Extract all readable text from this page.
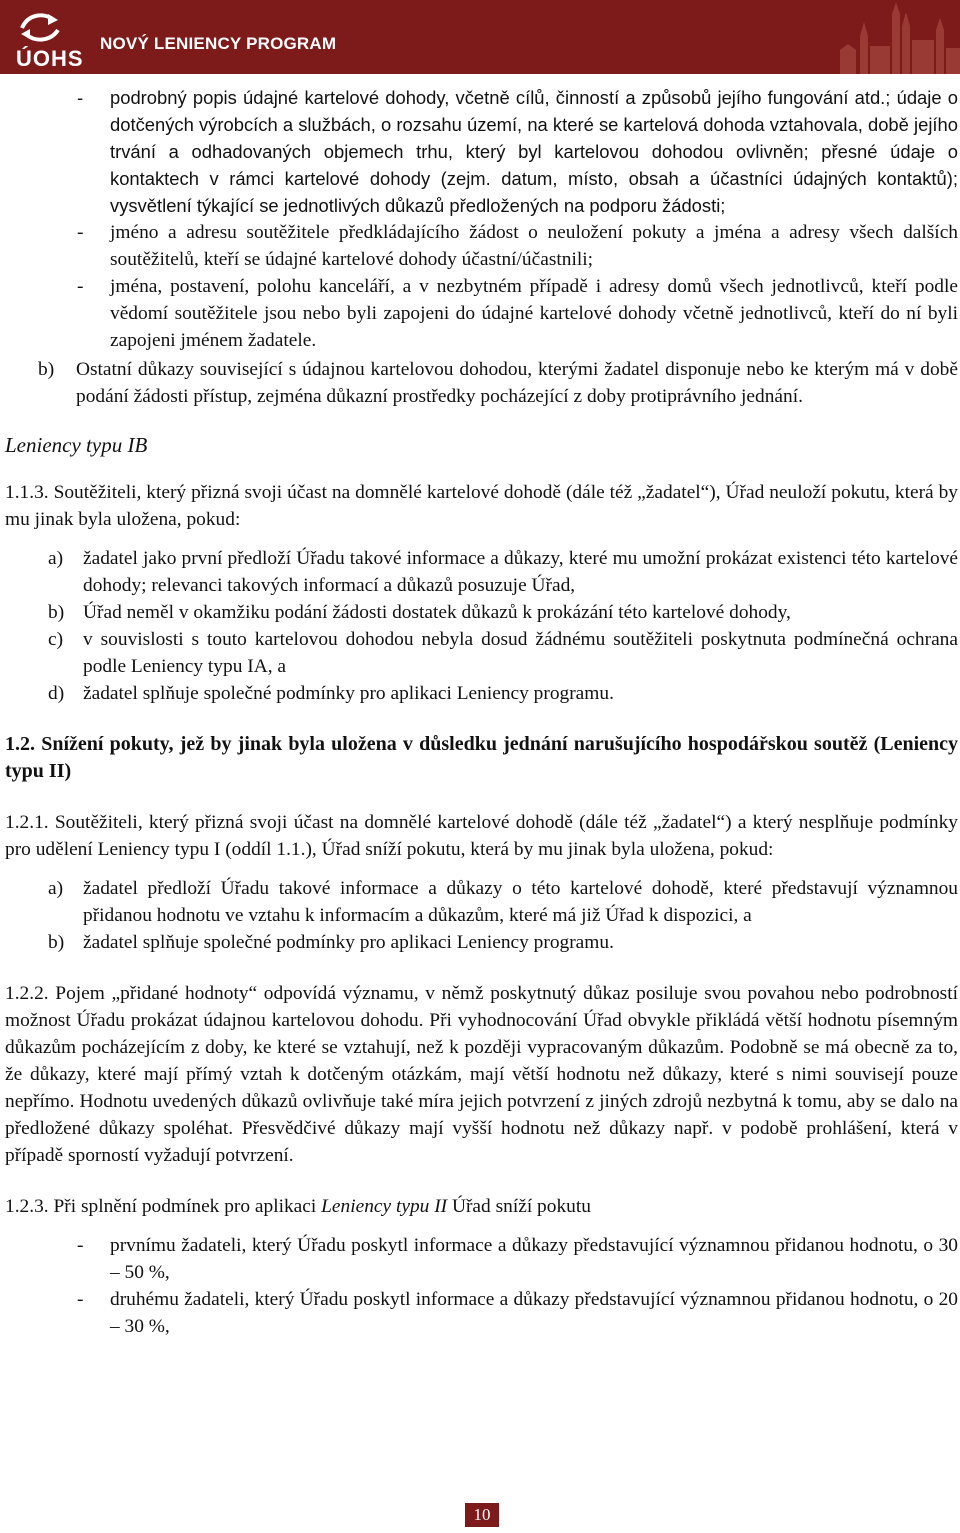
ÚOHS
NOVÝ LENIENCY PROGRAM
- podrobný popis údajné kartelové dohody, včetně cílů, činností a způsobů jejího fungování atd.; údaje o dotčených výrobcích a službách, o rozsahu území, na které se kartelová dohoda vztahovala, době jejího trvání a odhadovaných objemech trhu, který byl kartelovou dohodou ovlivněn; přesné údaje o kontaktech v rámci kartelové dohody (zejm. datum, místo, obsah a účastníci údajných kontaktů); vysvětlení týkající se jednotlivých důkazů předložených na podporu žádosti;
- jméno a adresu soutěžitele předkládajícího žádost o neuložení pokuty a jména a adresy všech dalších soutěžitelů, kteří se údajné kartelové dohody účastní/účastnili;
- jména, postavení, polohu kanceláří, a v nezbytném případě i adresy domů všech jednotlivců, kteří podle vědomí soutěžitele jsou nebo byli zapojeni do údajné kartelové dohody včetně jednotlivců, kteří do ní byli zapojeni jménem žadatele.
b) Ostatní důkazy související s údajnou kartelovou dohodou, kterými žadatel disponuje nebo ke kterým má v době podání žádosti přístup, zejména důkazní prostředky pocházející z doby protiprávního jednání.

Leniency typu IB

1.1.3. Soutěžiteli, který přizná svoji účast na domnělé kartelové dohodě (dále též „žadatel“), Úřad neuloží pokutu, která by mu jinak byla uložena, pokud:

a) žadatel jako první předloží Úřadu takové informace a důkazy, které mu umožní prokázat existenci této kartelové dohody; relevanci takových informací a důkazů posuzuje Úřad,
b) Úřad neměl v okamžiku podání žádosti dostatek důkazů k prokázání této kartelové dohody,
c) v souvislosti s touto kartelovou dohodou nebyla dosud žádnému soutěžiteli poskytnuta podmínečná ochrana podle Leniency typu IA, a
d) žadatel splňuje společné podmínky pro aplikaci Leniency programu.

1.2. Snížení pokuty, jež by jinak byla uložena v důsledku jednání narušujícího hospodářskou soutěž (Leniency typu II)

1.2.1. Soutěžiteli, který přizná svoji účast na domnělé kartelové dohodě (dále též „žadatel“) a který nesplňuje podmínky pro udělení Leniency typu I (oddíl 1.1.), Úřad sníží pokutu, která by mu jinak byla uložena, pokud:

a) žadatel předloží Úřadu takové informace a důkazy o této kartelové dohodě, které představují významnou přidanou hodnotu ve vztahu k informacím a důkazům, které má již Úřad k dispozici, a
b) žadatel splňuje společné podmínky pro aplikaci Leniency programu.

1.2.2. Pojem „přidané hodnoty“ odpovídá významu, v němž poskytnutý důkaz posiluje svou povahou nebo podrobností možnost Úřadu prokázat údajnou kartelovou dohodu. Při vyhodnocování Úřad obvykle přikládá větší hodnotu písemným důkazům pocházejícím z doby, ke které se vztahují, než k později vypracovaným důkazům. Podobně se má obecně za to, že důkazy, které mají přímý vztah k dotčeným otázkám, mají větší hodnotu než důkazy, které s nimi souvisejí pouze nepřímo. Hodnotu uvedených důkazů ovlivňuje také míra jejich potvrzení z jiných zdrojů nezbytná k tomu, aby se dalo na předložené důkazy spoléhat. Přesvědčivé důkazy mají vyšší hodnotu než důkazy např. v podobě prohlášení, která v případě sporností vyžadují potvrzení.

1.2.3. Při splnění podmínek pro aplikaci Leniency typu II Úřad sníží pokutu

- prvnímu žadateli, který Úřadu poskytl informace a důkazy představující významnou přidanou hodnotu, o 30 – 50 %,
- druhému žadateli, který Úřadu poskytl informace a důkazy představující významnou přidanou hodnotu, o 20 – 30 %,
10
